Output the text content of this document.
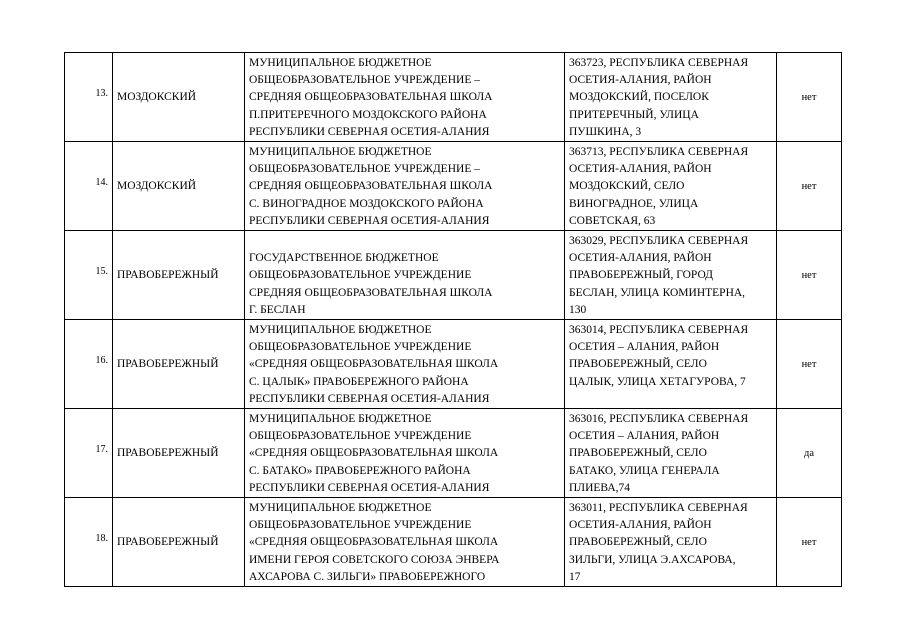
13.	МОЗДОКСКИЙ	МУНИЦИПАЛЬНОЕ БЮДЖЕТНОЕ
ОБЩЕОБРАЗОВАТЕЛЬНОЕ УЧРЕЖДЕНИЕ –
СРЕДНЯЯ ОБЩЕОБРАЗОВАТЕЛЬНАЯ ШКОЛА
П.ПРИТЕРЕЧНОГО МОЗДОКСКОГО РАЙОНА
РЕСПУБЛИКИ СЕВЕРНАЯ ОСЕТИЯ-АЛАНИЯ	363723, РЕСПУБЛИКА СЕВЕРНАЯ
ОСЕТИЯ-АЛАНИЯ, РАЙОН
МОЗДОКСКИЙ, ПОСЕЛОК
ПРИТЕРЕЧНЫЙ, УЛИЦА
ПУШКИНА, 3	нет
14.	МОЗДОКСКИЙ	МУНИЦИПАЛЬНОЕ БЮДЖЕТНОЕ
ОБЩЕОБРАЗОВАТЕЛЬНОЕ УЧРЕЖДЕНИЕ –
СРЕДНЯЯ ОБЩЕОБРАЗОВАТЕЛЬНАЯ ШКОЛА
С. ВИНОГРАДНОЕ МОЗДОКСКОГО РАЙОНА
РЕСПУБЛИКИ СЕВЕРНАЯ ОСЕТИЯ-АЛАНИЯ	363713, РЕСПУБЛИКА СЕВЕРНАЯ
ОСЕТИЯ-АЛАНИЯ, РАЙОН
МОЗДОКСКИЙ, СЕЛО
ВИНОГРАДНОЕ, УЛИЦА
СОВЕТСКАЯ, 63	нет
15.	ПРАВОБЕРЕЖНЫЙ	ГОСУДАРСТВЕННОЕ БЮДЖЕТНОЕ
ОБЩЕОБРАЗОВАТЕЛЬНОЕ УЧРЕЖДЕНИЕ
СРЕДНЯЯ ОБЩЕОБРАЗОВАТЕЛЬНАЯ ШКОЛА
Г. БЕСЛАН	363029, РЕСПУБЛИКА СЕВЕРНАЯ
ОСЕТИЯ-АЛАНИЯ, РАЙОН
ПРАВОБЕРЕЖНЫЙ, ГОРОД
БЕСЛАН, УЛИЦА КОМИНТЕРНА,
130	нет
16.	ПРАВОБЕРЕЖНЫЙ	МУНИЦИПАЛЬНОЕ БЮДЖЕТНОЕ
ОБЩЕОБРАЗОВАТЕЛЬНОЕ УЧРЕЖДЕНИЕ
«СРЕДНЯЯ ОБЩЕОБРАЗОВАТЕЛЬНАЯ ШКОЛА
С. ЦАЛЫК» ПРАВОБЕРЕЖНОГО РАЙОНА
РЕСПУБЛИКИ СЕВЕРНАЯ ОСЕТИЯ-АЛАНИЯ	363014, РЕСПУБЛИКА СЕВЕРНАЯ
ОСЕТИЯ – АЛАНИЯ, РАЙОН
ПРАВОБЕРЕЖНЫЙ, СЕЛО
ЦАЛЫК, УЛИЦА ХЕТАГУРОВА, 7	нет
17.	ПРАВОБЕРЕЖНЫЙ	МУНИЦИПАЛЬНОЕ БЮДЖЕТНОЕ
ОБЩЕОБРАЗОВАТЕЛЬНОЕ УЧРЕЖДЕНИЕ
«СРЕДНЯЯ ОБЩЕОБРАЗОВАТЕЛЬНАЯ ШКОЛА
С. БАТАКО» ПРАВОБЕРЕЖНОГО РАЙОНА
РЕСПУБЛИКИ СЕВЕРНАЯ ОСЕТИЯ-АЛАНИЯ	363016, РЕСПУБЛИКА СЕВЕРНАЯ
ОСЕТИЯ – АЛАНИЯ, РАЙОН
ПРАВОБЕРЕЖНЫЙ, СЕЛО
БАТАКО, УЛИЦА ГЕНЕРАЛА
ПЛИЕВА,74	да
18.	ПРАВОБЕРЕЖНЫЙ	МУНИЦИПАЛЬНОЕ БЮДЖЕТНОЕ
ОБЩЕОБРАЗОВАТЕЛЬНОЕ УЧРЕЖДЕНИЕ
«СРЕДНЯЯ ОБЩЕОБРАЗОВАТЕЛЬНАЯ ШКОЛА
ИМЕНИ ГЕРОЯ СОВЕТСКОГО СОЮЗА ЭНВЕРА
АХСАРОВА С. ЗИЛЬГИ» ПРАВОБЕРЕЖНОГО	363011, РЕСПУБЛИКА СЕВЕРНАЯ
ОСЕТИЯ-АЛАНИЯ, РАЙОН
ПРАВОБЕРЕЖНЫЙ, СЕЛО
ЗИЛЬГИ, УЛИЦА Э.АХСАРОВА,
17	нет
